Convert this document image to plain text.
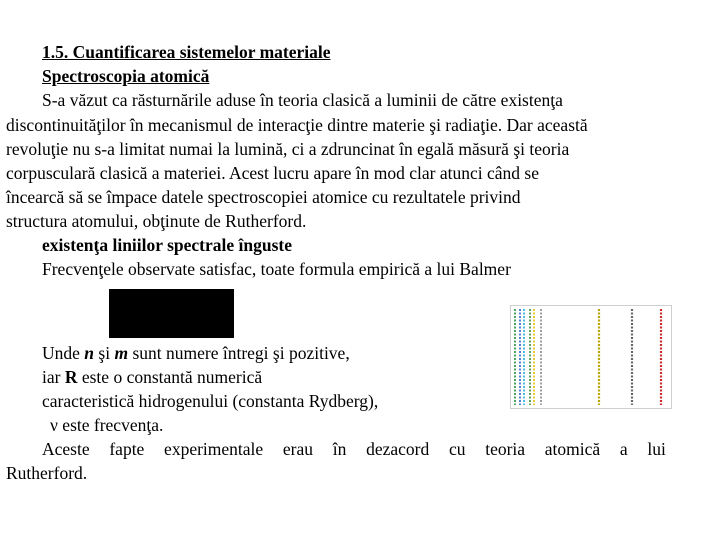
1.5. Cuantificarea sistemelor materiale
Spectroscopia atomică
S-a văzut ca răsturnările aduse în teoria clasică a luminii de către existenţa
discontinuităţilor în mecanismul de interacţie dintre materie şi radiaţie. Dar această
revoluţie nu s-a limitat numai la lumină, ci a zdruncinat în egală măsură şi teoria
corpusculară clasică a materiei. Acest lucru apare în mod clar atunci când se
încearcă să se împace datele spectroscopiei atomice cu rezultatele privind
structura atomului, obţinute de Rutherford.
existenţa liniilor spectrale înguste
Frecvenţele observate satisfac, toate formula empirică a lui Balmer
Unde n şi m sunt numere întregi şi pozitive,
iar R este o constantă numerică
caracteristică hidrogenului (constanta Rydberg),
ν este frecvenţa.
Aceste fapte experimentale erau în dezacord cu teoria atomică a lui
Rutherford.
